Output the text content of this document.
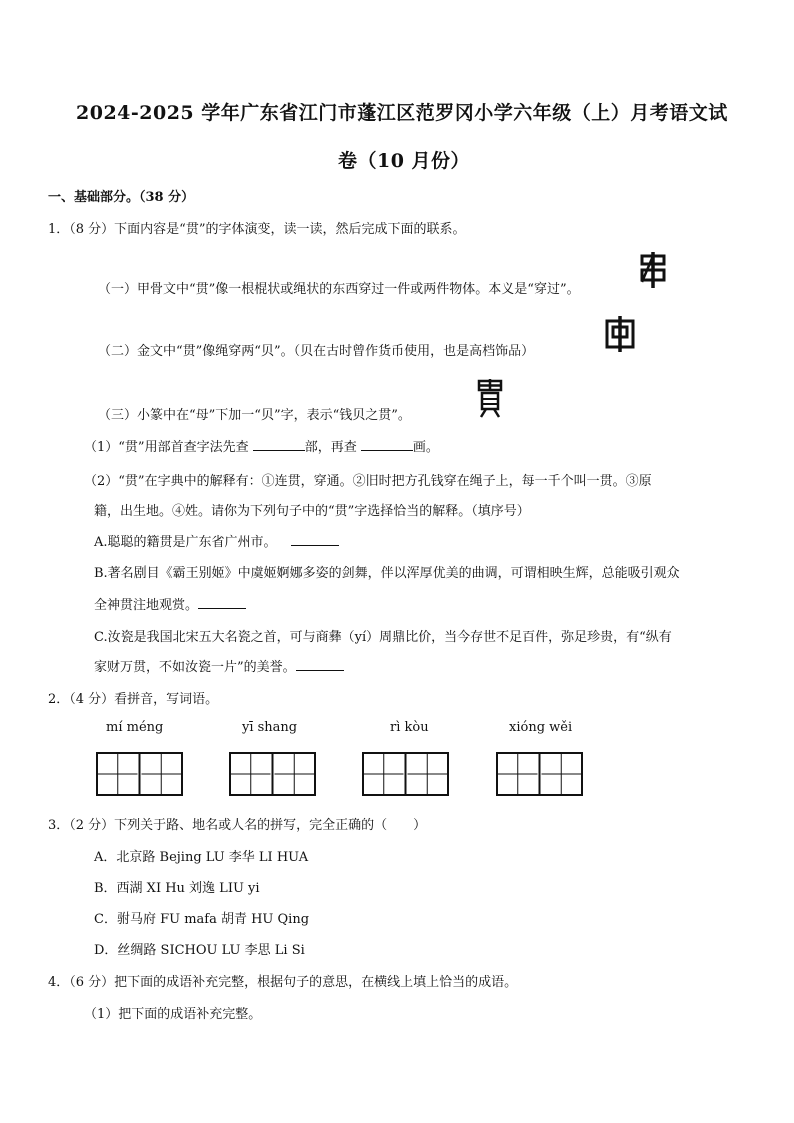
2024-2025 学年广东省江门市蓬江区范罗冈小学六年级（上）月考语文试
卷（10 月份）
一、基础部分。（38 分）
1．（8 分）下面内容是“贯”的字体演变，读一读，然后完成下面的联系。
（一）甲骨文中“贯”像一根棍状或绳状的东西穿过一件或两件物体。本义是“穿过”。
（二）金文中“贯”像绳穿两“贝”。（贝在古时曾作货币使用，也是高档饰品）
（三）小篆中在“母”下加一“贝”字，表示“钱贝之贯”。
（1）“贯”用部首查字法先查	部，再查	画。
（2）“贯”在字典中的解释有：①连贯，穿通。②旧时把方孔钱穿在绳子上，每一千个叫一贯。③原
籍，出生地。④姓。请你为下列句子中的“贯”字选择恰当的解释。（填序号）
A.聪聪的籍贯是广东省广州市。
B.著名剧目《霸王别姬》中虞姬婀娜多姿的剑舞，伴以浑厚优美的曲调，可谓相映生辉，总能吸引观众
全神贯注地观赏。
C.汝瓷是我国北宋五大名瓷之首，可与商彝（yí）周鼎比价，当今存世不足百件，弥足珍贵，有“纵有
家财万贯，不如汝瓷一片”的美誉。
2．（4 分）看拼音，写词语。
mí méng	yī shang	rì kòu	xióng wěi
3．（2 分）下列关于路、地名或人名的拼写，完全正确的（　　）
A．北京路 Bejing LU 李华 LI HUA
B．西湖 XI Hu 刘逸 LIU yi
C．驸马府 FU mafa 胡青 HU Qing
D．丝绸路 SICHOU LU 李思 Li Si
4．（6 分）把下面的成语补充完整，根据句子的意思，在横线上填上恰当的成语。
（1）把下面的成语补充完整。
